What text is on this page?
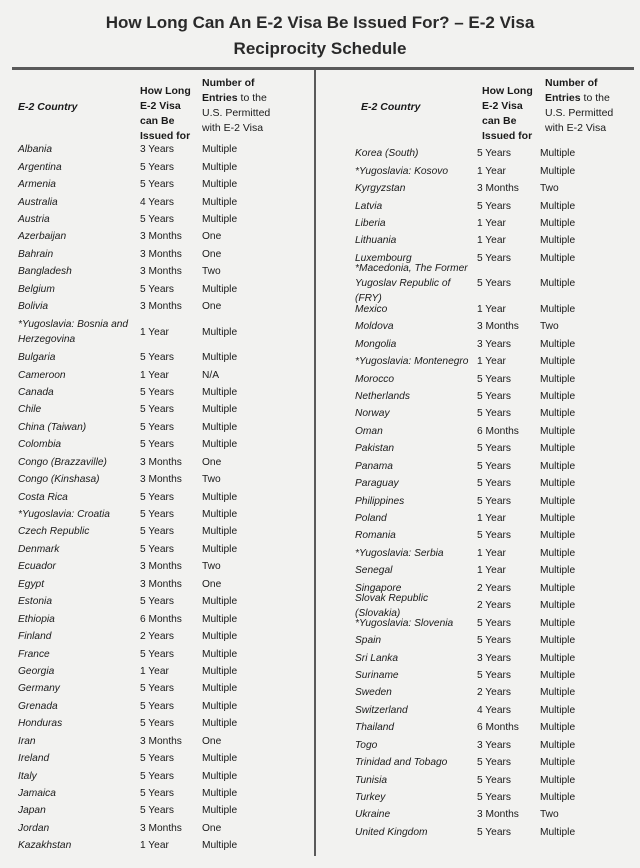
How Long Can An E-2 Visa Be Issued For? – E-2 Visa
Reciprocity Schedule
E-2 Country
How Long E-2 Visa can Be Issued for
Number of Entries to the U.S. Permitted with E-2 Visa
Albania	3 Years	Multiple
Argentina	5 Years	Multiple
Armenia	5 Years	Multiple
Australia	4 Years	Multiple
Austria	5 Years	Multiple
Azerbaijan	3 Months One
Bahrain	3 Months One
Bangladesh	3 Months Two
Belgium	5 Years	Multiple
Bolivia	3 Months One
*Yugoslavia: Bosnia and Herzegovina
1 Year	Multiple
Bulgaria	5 Years	Multiple
Cameroon	1 Year	N/A
Canada	5 Years	Multiple
Chile	5 Years	Multiple
China (Taiwan)	5 Years	Multiple
Colombia	5 Years	Multiple
Congo (Brazzaville)	3 Months One
Congo (Kinshasa)	3 Months Two
Costa Rica	5 Years	Multiple
*Yugoslavia: Croatia	5 Years	Multiple
Czech Republic	5 Years	Multiple
Denmark	5 Years	Multiple
Ecuador	3 Months Two
Egypt	3 Months One
Estonia	5 Years	Multiple
Ethiopia	6 Months Multiple
Finland	2 Years	Multiple
France	5 Years	Multiple
Georgia	1 Year	Multiple
Germany	5 Years	Multiple
Grenada	5 Years	Multiple
Honduras	5 Years	Multiple
Iran	3 Months One
Ireland	5 Years	Multiple
Italy	5 Years	Multiple
Jamaica	5 Years	Multiple
Japan	5 Years	Multiple
Jordan	3 Months One
Kazakhstan	1 Year	Multiple
E-2 Country
How Long E-2 Visa can Be Issued for
Number of Entries to the U.S. Permitted with E-2 Visa
Korea (South)	5 Years	Multiple
*Yugoslavia: Kosovo	1 Year	Multiple
Kyrgyzstan	3 Months Two
Latvia	5 Years	Multiple
Liberia	1 Year	Multiple
Lithuania	1 Year	Multiple
Luxembourg	5 Years	Multiple
*Macedonia, The Former Yugoslav Republic of (FRY)
5 Years	Multiple
Mexico	1 Year	Multiple
Moldova	3 Months Two
Mongolia	3 Years	Multiple
*Yugoslavia: Montenegro 1 Year	Multiple
Morocco	5 Years	Multiple
Netherlands	5 Years	Multiple
Norway	5 Years	Multiple
Oman	6 Months Multiple
Pakistan	5 Years	Multiple
Panama	5 Years	Multiple
Paraguay	5 Years	Multiple
Philippines	5 Years	Multiple
Poland	1 Year	Multiple
Romania	5 Years	Multiple
*Yugoslavia: Serbia	1 Year	Multiple
Senegal	1 Year	Multiple
Singapore	2 Years	Multiple
Slovak Republic (Slovakia)
2 Years	Multiple
*Yugoslavia: Slovenia	5 Years	Multiple
Spain	5 Years	Multiple
Sri Lanka	3 Years	Multiple
Suriname	5 Years	Multiple
Sweden	2 Years	Multiple
Switzerland	4 Years	Multiple
Thailand	6 Months Multiple
Togo	3 Years	Multiple
Trinidad and Tobago	5 Years	Multiple
Tunisia	5 Years	Multiple
Turkey	5 Years	Multiple
Ukraine	3 Months Two
United Kingdom	5 Years	Multiple
